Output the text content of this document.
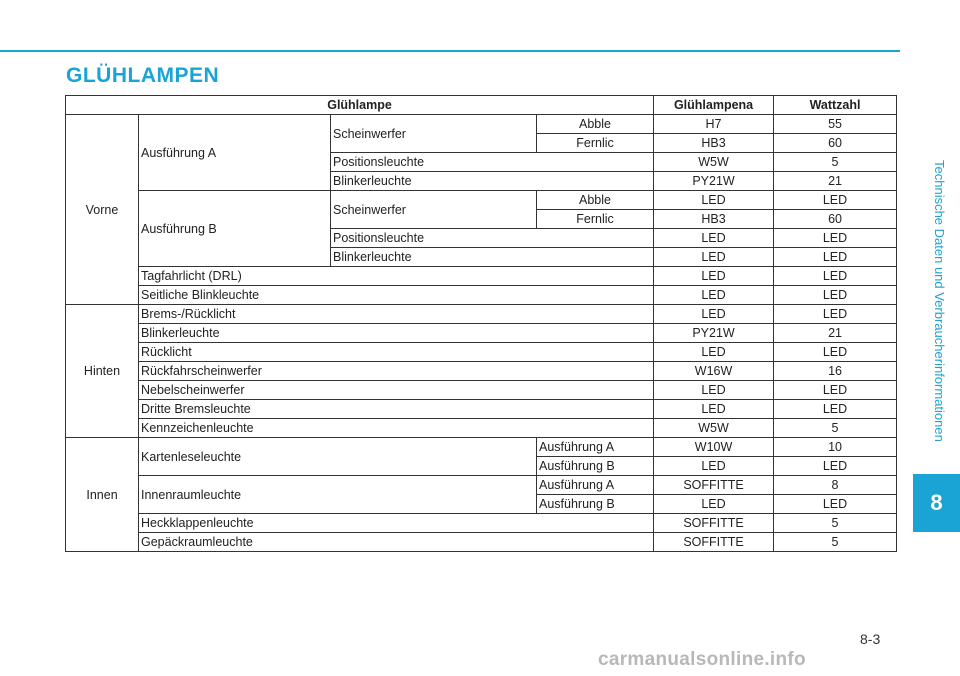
GLÜHLAMPEN
Technische Daten und Verbraucherinformationen
8
Glühlampe				Glühlampena	Wattzahl
Vorne	Ausführung A	Scheinwerfer	Abble	H7	55
			Fernlic	HB3	60
		Positionsleuchte		W5W	5
		Blinkerleuchte		PY21W	21
	Ausführung B	Scheinwerfer	Abble	LED	LED
			Fernlic	HB3	60
		Positionsleuchte		LED	LED
		Blinkerleuchte		LED	LED
	Tagfahrlicht (DRL)			LED	LED
	Seitliche Blinkleuchte			LED	LED
Hinten	Brems-/Rücklicht			LED	LED
	Blinkerleuchte			PY21W	21
	Rücklicht			LED	LED
	Rückfahrscheinwerfer			W16W	16
	Nebelscheinwerfer			LED	LED
	Dritte Bremsleuchte			LED	LED
	Kennzeichenleuchte			W5W	5
Innen	Kartenleseleuchte		Ausführung A	W10W	10
			Ausführung B	LED	LED
	Innenraumleuchte		Ausführung A	SOFFITTE	8
			Ausführung B	LED	LED
	Heckklappenleuchte			SOFFITTE	5
	Gepäckraumleuchte			SOFFITTE	5
8-3
carmanualsonline.info
